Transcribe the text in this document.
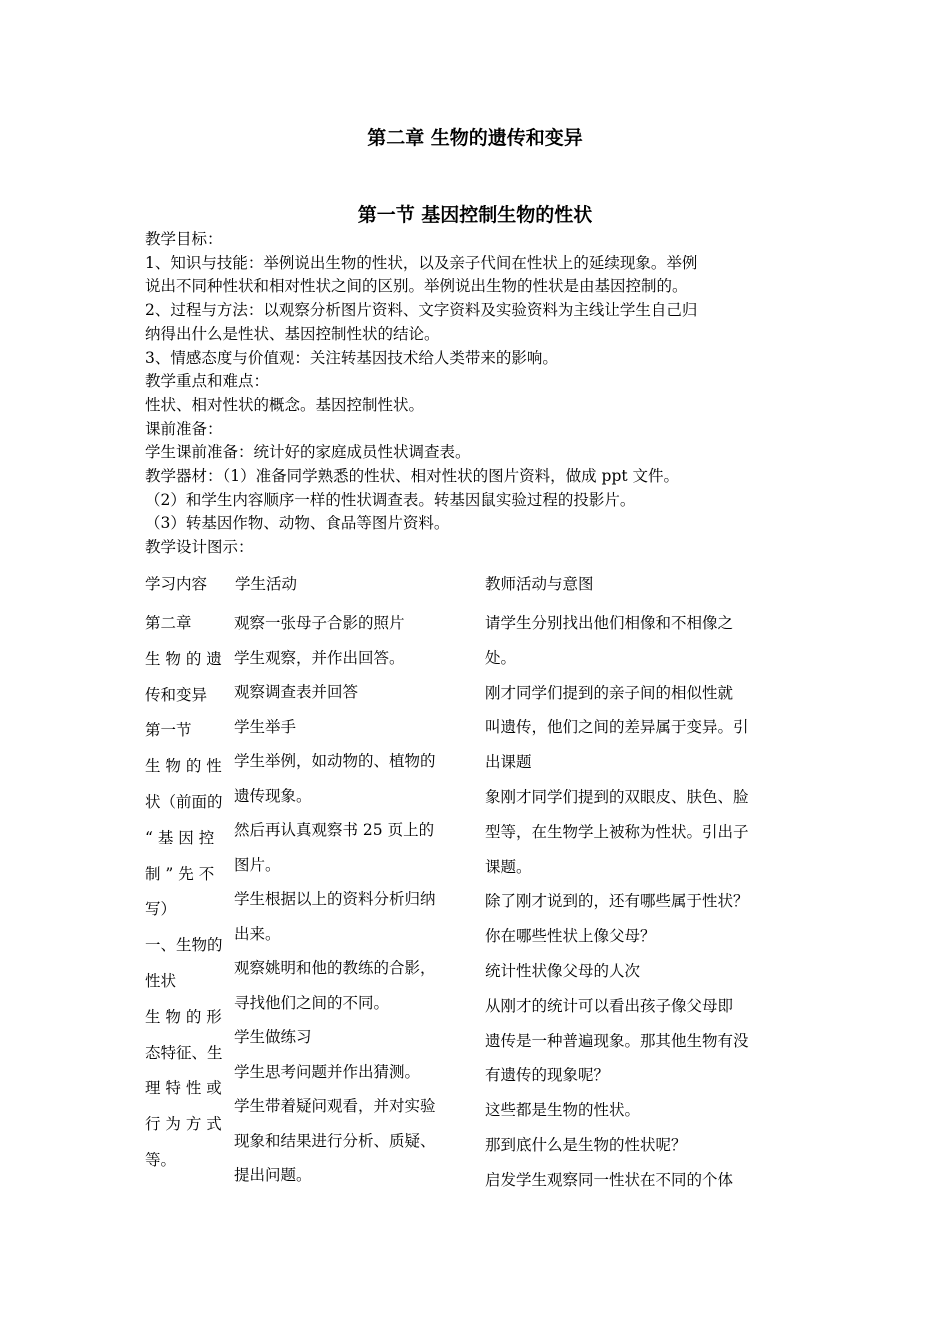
第二章 生物的遗传和变异
第一节 基因控制生物的性状

教学目标：

1、知识与技能：举例说出生物的性状，以及亲子代间在性状上的延续现象。举例

说出不同种性状和相对性状之间的区别。举例说出生物的性状是由基因控制的。

2、过程与方法：以观察分析图片资料、文字资料及实验资料为主线让学生自己归

纳得出什么是性状、基因控制性状的结论。

3、情感态度与价值观：关注转基因技术给人类带来的影响。

教学重点和难点：

性状、相对性状的概念。基因控制性状。

课前准备：

学生课前准备：统计好的家庭成员性状调查表。

教学器材：（1）准备同学熟悉的性状、相对性状的图片资料，做成 ppt 文件。

（2）和学生内容顺序一样的性状调查表。转基因鼠实验过程的投影片。

（3）转基因作物、动物、食品等图片资料。

教学设计图示：

学习内容	学生活动	教师活动与意图
第二章
生 物 的 遗
传和变异
第一节
生 物 的 性
状（前面的
“ 基 因 控
制 ” 先 不
写）
一、生物的
性状
生 物 的 形
态特征、生
理 特 性 或
行 为 方 式
等。
观察一张母子合影的照片
学生观察，并作出回答。
观察调查表并回答
学生举手
学生举例，如动物的、植物的
遗传现象。
然后再认真观察书 25 页上的
图片。
学生根据以上的资料分析归纳
出来。
观察姚明和他的教练的合影，
寻找他们之间的不同。
学生做练习
学生思考问题并作出猜测。
学生带着疑问观看，并对实验
现象和结果进行分析、质疑、
提出问题。
请学生分别找出他们相像和不相像之
处。
刚才同学们提到的亲子间的相似性就
叫遗传，他们之间的差异属于变异。引
出课题
象刚才同学们提到的双眼皮、肤色、脸
型等，在生物学上被称为性状。引出子
课题。
除了刚才说到的，还有哪些属于性状？
你在哪些性状上像父母？
统计性状像父母的人次
从刚才的统计可以看出孩子像父母即
遗传是一种普遍现象。那其他生物有没
有遗传的现象呢？
这些都是生物的性状。
那到底什么是生物的性状呢？
启发学生观察同一性状在不同的个体
